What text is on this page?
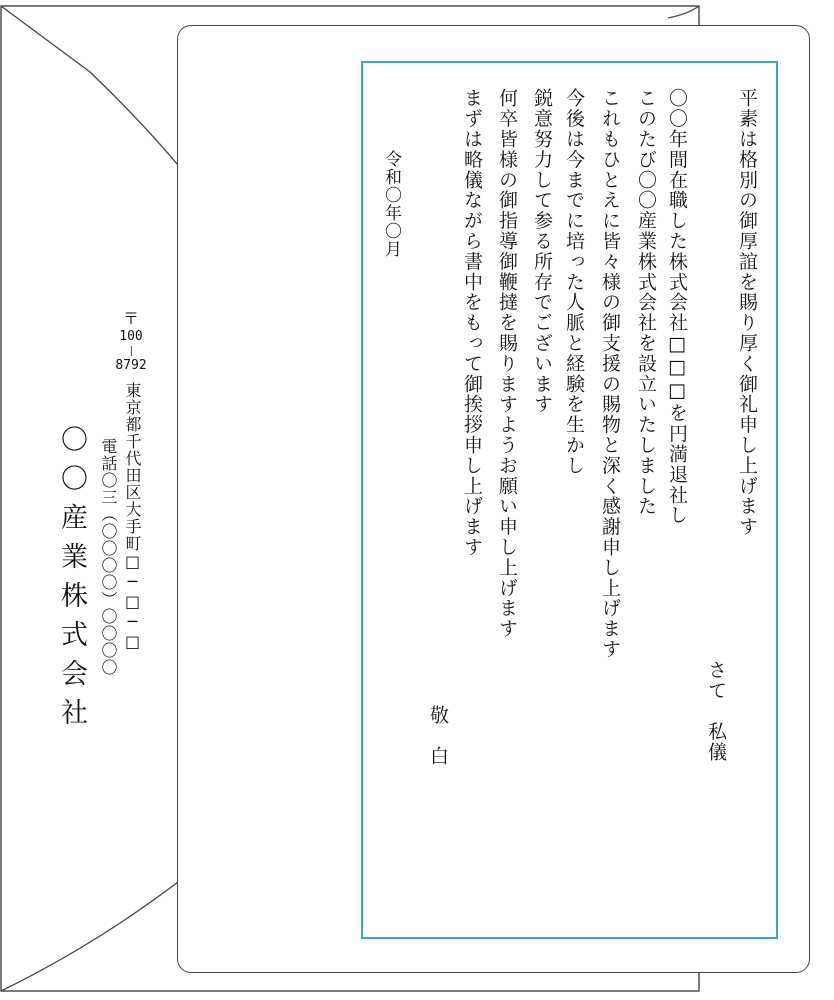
〒
100
8792
東京都千代田区大手町□─□─□
電話〇三（〇〇〇〇）〇〇〇〇
〇〇産業株式会社
平素は格別の御厚誼を賜り厚く御礼申し上げます
さて　私儀
〇〇年間在職した株式会社□□□を円満退社し
このたび〇〇産業株式会社を設立いたしました
これもひとえに皆々様の御支援の賜物と深く感謝申し上げます
今後は今までに培った人脈と経験を生かし
鋭意努力して参る所存でございます
何卒皆様の御指導御鞭撻を賜りますようお願い申し上げます
まずは略儀ながら書中をもって御挨拶申し上げます
敬　白
令和〇年〇月
